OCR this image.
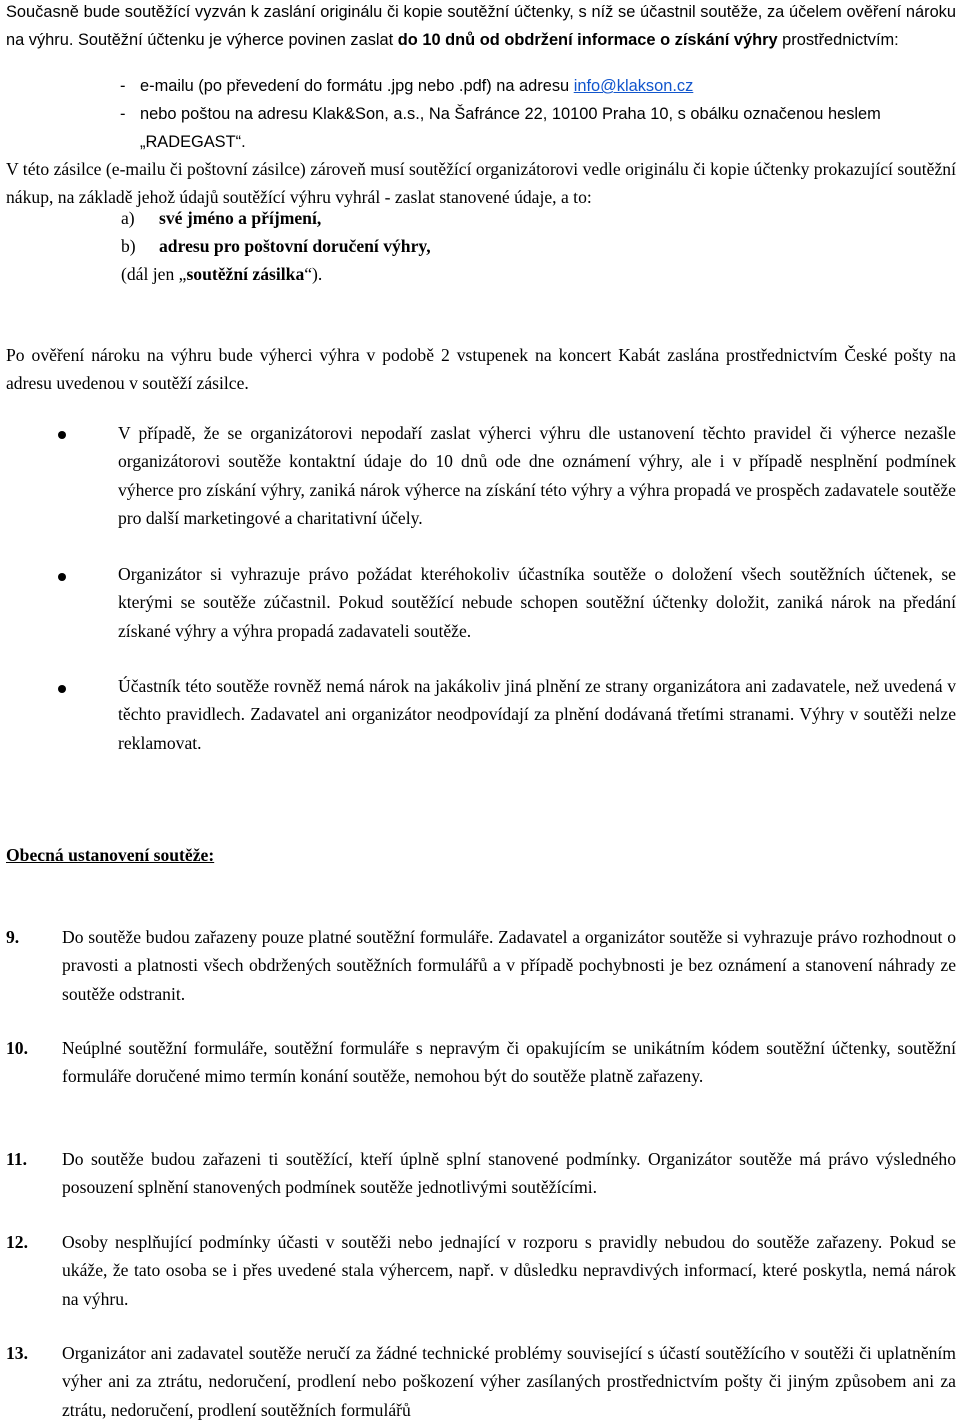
Současně bude soutěžící vyzván k zaslání originálu či kopie soutěžní účtenky, s níž se účastnil soutěže, za účelem ověření nároku na výhru. Soutěžní účtenku je výherce povinen zaslat do 10 dnů od obdržení informace o získání výhry prostřednictvím:
- e-mailu (po převedení do formátu .jpg nebo .pdf) na adresu info@klakson.cz
- nebo poštou na adresu Klak&Son, a.s., Na Šafránce 22, 10100 Praha 10, s obálku označenou heslem „RADEGAST“.
V této zásilce (e-mailu či poštovní zásilce) zároveň musí soutěžící organizátorovi vedle originálu či kopie účtenky prokazující soutěžní nákup, na základě jehož údajů soutěžící výhru vyhrál - zaslat stanovené údaje, a to:
a) své jméno a příjmení,
b) adresu pro poštovní doručení výhry,
(dál jen „soutěžní zásilka“).
Po ověření nároku na výhru bude výherci výhra v podobě 2 vstupenek na koncert Kabát zaslána prostřednictvím České pošty na adresu uvedenou v soutěží zásilce.
V případě, že se organizátorovi nepodaří zaslat výherci výhru dle ustanovení těchto pravidel či výherce nezašle organizátorovi soutěže kontaktní údaje do 10 dnů ode dne oznámení výhry, ale i v případě nesplnění podmínek výherce pro získání výhry, zaniká nárok výherce na získání této výhry a výhra propadá ve prospěch zadavatele soutěže pro další marketingové a charitativní účely.
Organizátor si vyhrazuje právo požádat kteréhokoliv účastníka soutěže o doložení všech soutěžních účtenek, se kterými se soutěže zúčastnil. Pokud soutěžící nebude schopen soutěžní účtenky doložit, zaniká nárok na předání získané výhry a výhra propadá zadavateli soutěže.
Účastník této soutěže rovněž nemá nárok na jakákoliv jiná plnění ze strany organizátora ani zadavatele, než uvedená v těchto pravidlech. Zadavatel ani organizátor neodpovídají za plnění dodávaná třetími stranami. Výhry v soutěži nelze reklamovat.
Obecná ustanovení soutěže:
9. Do soutěže budou zařazeny pouze platné soutěžní formuláře. Zadavatel a organizátor soutěže si vyhrazuje právo rozhodnout o pravosti a platnosti všech obdržených soutěžních formulářů a v případě pochybnosti je bez oznámení a stanovení náhrady ze soutěže odstranit.
10. Neúplné soutěžní formuláře, soutěžní formuláře s nepravým či opakujícím se unikátním kódem soutěžní účtenky, soutěžní formuláře doručené mimo termín konání soutěže, nemohou být do soutěže platně zařazeny.
11. Do soutěže budou zařazeni ti soutěžící, kteří úplně splní stanovené podmínky. Organizátor soutěže má právo výsledného posouzení splnění stanovených podmínek soutěže jednotlivými soutěžícími.
12. Osoby nesplňující podmínky účasti v soutěži nebo jednající v rozporu s pravidly nebudou do soutěže zařazeny. Pokud se ukáže, že tato osoba se i přes uvedené stala výhercem, např. v důsledku nepravdivých informací, které poskytla, nemá nárok na výhru.
13. Organizátor ani zadavatel soutěže neručí za žádné technické problémy související s účastí soutěžícího v soutěži či uplatněním výher ani za ztrátu, nedoručení, prodlení nebo poškození výher zasílaných prostřednictvím pošty či jiným způsobem ani za ztrátu, nedoručení, prodlení soutěžních formulářů
